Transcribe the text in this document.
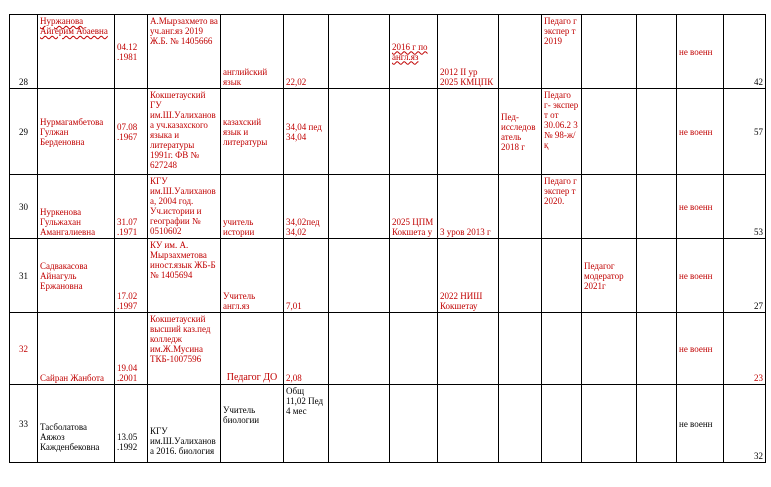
28	Нуржанова Айгерим Абаевна	04.12 .1981	А.Мырзахмето ва уч.анг.яз 2019 Ж.Б. № 1405666	английский язык	22,02		2016 г по англ.яз	2012 II ур 2025 КМЦПК		Педаго г экспер т 2019			не военн	42
29	Нурмагамбетова Гулжан Берденовна	07.08 .1967	Кокшетауский ГУ им.Ш.Уалиханова уч.казахского языка и литературы 1991г. ФВ № 627248	казахский язык и литературы	34,04 пед 34,04				Пед-исследов атель 2018 г	Педаго г- экспер т от 30.06.2 3 № 98-ж/қ			не военн	57
30	Нуркенова Гульжахан Амангалиевна	31.07 .1971	КГУ им.Ш.Уалиханова, 2004 год. Уч.истории и географии № 0510602	учитель истории	34,02пед 34,02		2025 ЦПМ Кокшета у	3 уров 2013 г		Педаго г экспер т 2020.			не военн	53
31	Садвакасова Айнагуль Ержановна	17.02 .1997	КУ им. А. Мырзахметова иност.язык ЖБ-Б № 1405694	Учитель англ.яз	7,01			2022 НИШ Кокшетау			Педагог модератор 2021г		не военн	27
32	Сайран Жанбота	19.04 .2001	Кокшетауский высший каз.пед колледж им.Ж.Мусина ТКБ-1007596	Педагог ДО	2,08								не военн	23
33	Тасболатова Аяжоз Кажденбековна	13.05 .1992	КГУ им.Ш.Уалиханова 2016. биология	Учитель биологии	Общ 11,02 Пед 4 мес								не военн	32
